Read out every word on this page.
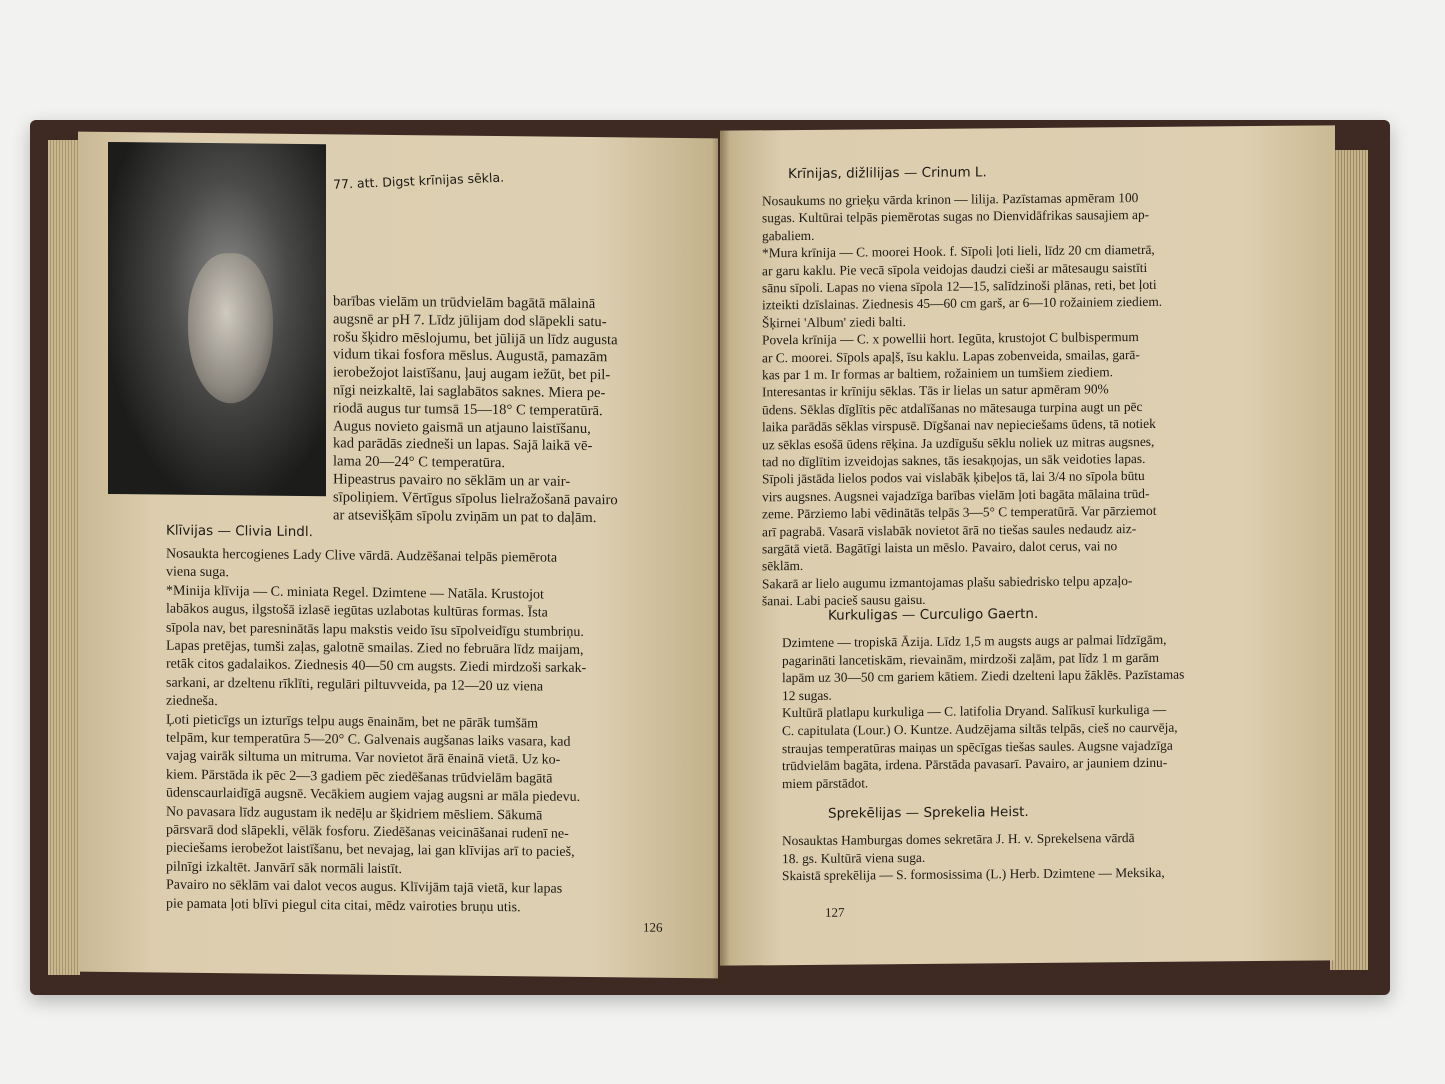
77. att. Digst krīnijas sēkla.
barības vielām un trūdvielām bagātā mālainā
augsnē ar pH 7. Līdz jūlijam dod slāpekli satu-
rošu šķidro mēslojumu, bet jūlijā un līdz augusta
vidum tikai fosfora mēslus. Augustā, pamazām
ierobežojot laistīšanu, ļauj augam iežūt, bet pil-
nīgi neizkaltē, lai saglabātos saknes. Miera pe-
riodā augus tur tumsā 15—18° C temperatūrā.
Augus novieto gaismā un atjauno laistīšanu,
kad parādās ziedneši un lapas. Sajā laikā vē-
lama 20—24° C temperatūra.
Hipeastrus pavairo no sēklām un ar vair-
sīpoliņiem. Vērtīgus sīpolus lielražošanā pavairo
ar atsevišķām sīpolu zviņām un pat to daļām.
Klīvijas — Clivia Lindl.
Nosaukta hercogienes Lady Clive vārdā. Audzēšanai telpās piemērota
viena suga.
*Minija klīvija — C. miniata Regel. Dzimtene — Natāla. Krustojot
labākos augus, ilgstošā izlasē iegūtas uzlabotas kultūras formas. Īsta
sīpola nav, bet paresninātās lapu makstis veido īsu sīpolveidīgu stumbriņu.
Lapas pretējas, tumši zaļas, galotnē smailas. Zied no februāra līdz maijam,
retāk citos gadalaikos. Ziednesis 40—50 cm augsts. Ziedi mirdzoši sarkak-
sarkani, ar dzeltenu rīklīti, regulāri piltuvveida, pa 12—20 uz viena
ziedneša.
Ļoti pieticīgs un izturīgs telpu augs ēnainām, bet ne pārāk tumšām
telpām, kur temperatūra 5—20° C. Galvenais augšanas laiks vasara, kad
vajag vairāk siltuma un mitruma. Var novietot ārā ēnainā vietā. Uz ko-
kiem. Pārstāda ik pēc 2—3 gadiem pēc ziedēšanas trūdvielām bagātā
ūdenscaurlaidīgā augsnē. Vecākiem augiem vajag augsni ar māla piedevu.
No pavasara līdz augustam ik nedēļu ar šķidriem mēsliem. Sākumā
pārsvarā dod slāpekli, vēlāk fosforu. Ziedēšanas veicināšanai rudenī ne-
pieciešams ierobežot laistīšanu, bet nevajag, lai gan klīvijas arī to pacieš,
pilnīgi izkaltēt. Janvārī sāk normāli laistīt.
Pavairo no sēklām vai dalot vecos augus. Klīvijām tajā vietā, kur lapas
pie pamata ļoti blīvi piegul cita citai, mēdz vairoties bruņu utis.
126
Krīnijas, dižlilijas — Crinum L.
Nosaukums no grieķu vārda krinon — lilija. Pazīstamas apmēram 100
sugas. Kultūrai telpās piemērotas sugas no Dienvidāfrikas sausajiem ap-
gabaliem.
*Mura krīnija — C. moorei Hook. f. Sīpoli ļoti lieli, līdz 20 cm diametrā,
ar garu kaklu. Pie vecā sīpola veidojas daudzi cieši ar mātesaugu saistīti
sānu sīpoli. Lapas no viena sīpola 12—15, salīdzinoši plānas, reti, bet ļoti
izteikti dzīslainas. Ziednesis 45—60 cm garš, ar 6—10 rožainiem ziediem.
Šķirnei 'Album' ziedi balti.
Povela krīnija — C. x powellii hort. Iegūta, krustojot C bulbispermum
ar C. moorei. Sīpols apaļš, īsu kaklu. Lapas zobenveida, smailas, garā-
kas par 1 m. Ir formas ar baltiem, rožainiem un tumšiem ziediem.
Interesantas ir krīniju sēklas. Tās ir lielas un satur apmēram 90%
ūdens. Sēklas dīglītis pēc atdalīšanas no mātesauga turpina augt un pēc
laika parādās sēklas virspusē. Dīgšanai nav nepieciešams ūdens, tā notiek
uz sēklas esošā ūdens rēķina. Ja uzdīgušu sēklu noliek uz mitras augsnes,
tad no dīglītim izveidojas saknes, tās iesakņojas, un sāk veidoties lapas.
Sīpoli jāstāda lielos podos vai vislabāk ķibeļos tā, lai 3/4 no sīpola būtu
virs augsnes. Augsnei vajadzīga barības vielām ļoti bagāta mālaina trūd-
zeme. Pārziemo labi vēdinātās telpās 3—5° C temperatūrā. Var pārziemot
arī pagrabā. Vasarā vislabāk novietot ārā no tiešas saules nedaudz aiz-
sargātā vietā. Bagātīgi laista un mēslo. Pavairo, dalot cerus, vai no
sēklām.
Sakarā ar lielo augumu izmantojamas plašu sabiedrisko telpu apzaļo-
šanai. Labi pacieš sausu gaisu.
Kurkuligas — Curculigo Gaertn.
Dzimtene — tropiskā Āzija. Līdz 1,5 m augsts augs ar palmai līdzīgām,
pagarināti lancetiskām, rievainām, mirdzoši zaļām, pat līdz 1 m garām
lapām uz 30—50 cm gariem kātiem. Ziedi dzelteni lapu žāklēs. Pazīstamas
12 sugas.
Kultūrā platlapu kurkuliga — C. latifolia Dryand. Salīkusī kurkuliga —
C. capitulata (Lour.) O. Kuntze. Audzējama siltās telpās, cieš no caurvēja,
straujas temperatūras maiņas un spēcīgas tiešas saules. Augsne vajadzīga
trūdvielām bagāta, irdena. Pārstāda pavasarī. Pavairo, ar jauniem dzinu-
miem pārstādot.
Sprekēlijas — Sprekelia Heist.
Nosauktas Hamburgas domes sekretāra J. H. v. Sprekelsena vārdā
18. gs. Kultūrā viena suga.
Skaistā sprekēlija — S. formosissima (L.) Herb. Dzimtene — Meksika,
127
